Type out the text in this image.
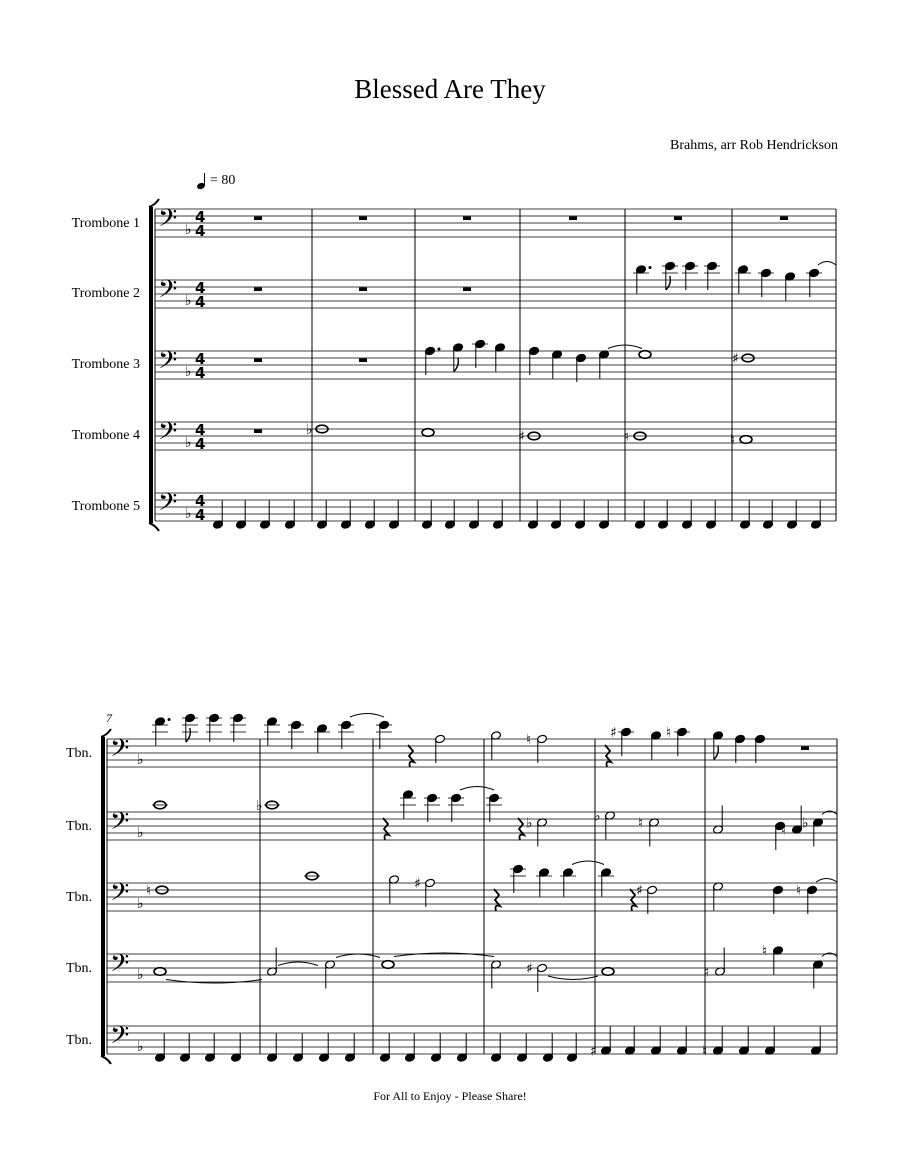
Blessed Are They
Brahms, arr Rob Hendrickson
= 80
Trombone 1
Trombone 2
Trombone 3
Trombone 4
Trombone 5
Tbn.
Tbn.
Tbn.
Tbn.
Tbn.
For All to Enjoy - Please Share!
7
𝄢 ♭
4
4
𝄢 ♭
4
4
𝄢 ♭
4
4
𝄢 ♭
4
4
𝄢 ♭
4
4
♯
♭	♯	♮	♮
𝄢 ♭
𝄢 ♭
𝄢 ♭
𝄢 ♭
𝄢 ♭
♮	♯	♮
♭
♭	♭	♮	♮ ♭
♮	♯	♯	♮
♯	♮
♮
♯	♮
